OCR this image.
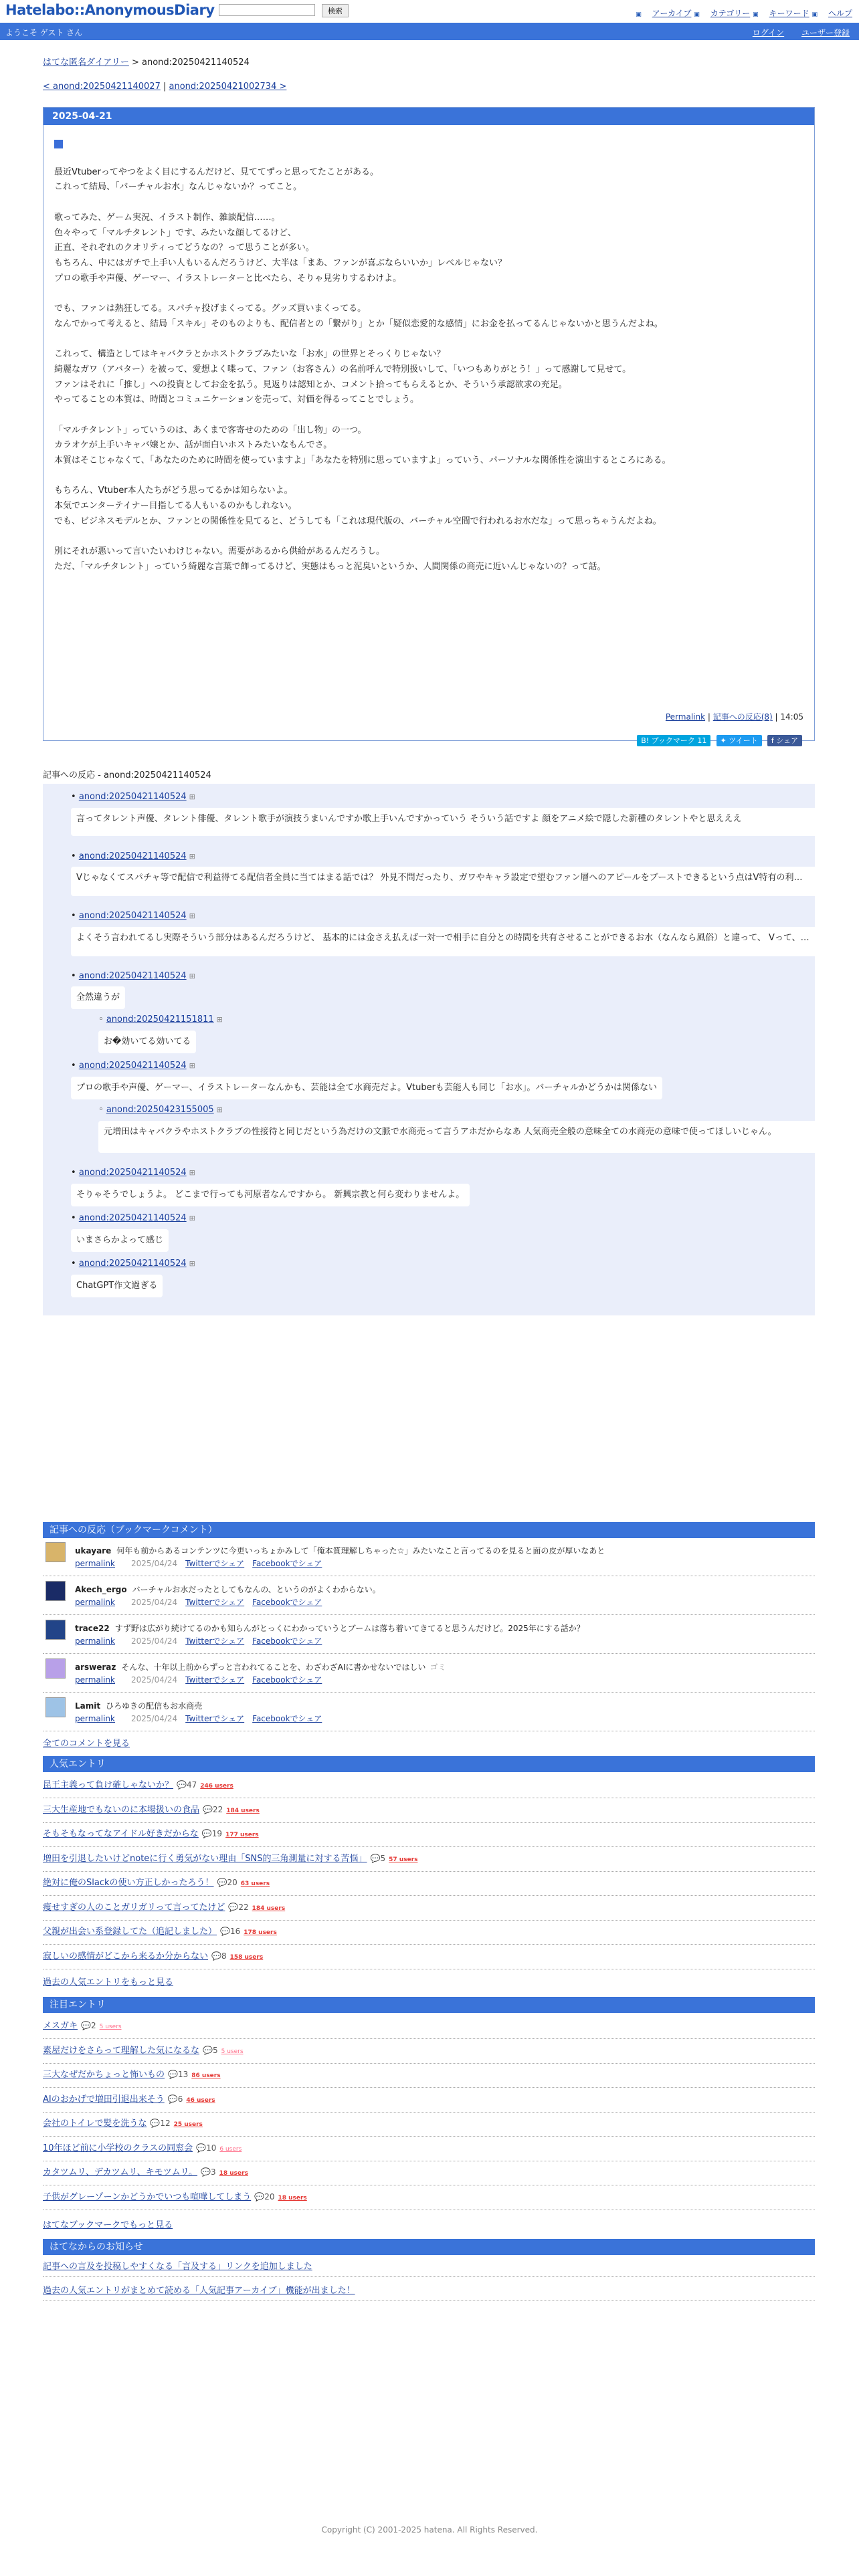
Hatelabo::AnonymousDiary	検索	▣ アーカイブ ▣ カテゴリー ▣ キーワード ▣ ヘルプ
ようこそ ゲスト さん	ログイン ユーザー登録
はてな匿名ダイアリー > anond:20250421140524
< anond:20250421140027 | anond:20250421002734 >
2025-04-21

最近Vtuberってやつをよく目にするんだけど、見ててずっと思ってたことがある。
これって結局、「バーチャルお水」なんじゃないか？ってこと。

歌ってみた、ゲーム実況、イラスト制作、雑談配信……。
色々やって「マルチタレント」です、みたいな顔してるけど、
正直、それぞれのクオリティってどうなの？って思うことが多い。
もちろん、中にはガチで上手い人もいるんだろうけど、大半は「まあ、ファンが喜ぶならいいか」レベルじゃない？
プロの歌手や声優、ゲーマー、イラストレーターと比べたら、そりゃ見劣りするわけよ。

でも、ファンは熱狂してる。スパチャ投げまくってる。グッズ買いまくってる。
なんでかって考えると、結局「スキル」そのものよりも、配信者との「繋がり」とか「疑似恋愛的な感情」にお金を払ってるんじゃないかと思うんだよね。

これって、構造としてはキャバクラとかホストクラブみたいな「お水」の世界とそっくりじゃない？
綺麗なガワ（アバター）を被って、愛想よく喋って、ファン（お客さん）の名前呼んで特別扱いして、「いつもありがとう！」って感謝して見せて。
ファンはそれに「推し」への投資としてお金を払う。見返りは認知とか、コメント拾ってもらえるとか、そういう承認欲求の充足。
やってることの本質は、時間とコミュニケーションを売って、対価を得るってことでしょう。

「マルチタレント」っていうのは、あくまで客寄せのための「出し物」の一つ。
カラオケが上手いキャバ嬢とか、話が面白いホストみたいなもんでさ。
本質はそこじゃなくて、「あなたのために時間を使っていますよ」「あなたを特別に思っていますよ」っていう、パーソナルな関係性を演出するところにある。

もちろん、Vtuber本人たちがどう思ってるかは知らないよ。
本気でエンターテイナー目指してる人もいるのかもしれない。
でも、ビジネスモデルとか、ファンとの関係性を見てると、どうしても「これは現代版の、バーチャル空間で行われるお水だな」って思っちゃうんだよね。

別にそれが悪いって言いたいわけじゃない。需要があるから供給があるんだろうし。
ただ、「マルチタレント」っていう綺麗な言葉で飾ってるけど、実態はもっと泥臭いというか、人間関係の商売に近いんじゃないの？って話。

Permalink | 記事への反応(8) | 14:05
B! ブックマーク 11 ✦ ツイート f シェア
記事への反応 - anond:20250421140524
• anond:20250421140524 ⊞
言ってタレント声優、タレント俳優、タレント歌手が演技うまいんですか歌上手いんですかっていう そういう話ですよ 顔をアニメ絵で隠した新種のタレントやと思えええ
• anond:20250421140524 ⊞
Vじゃなくてスパチャ等で配信で利益得てる配信者全員に当てはまる話では？ 外見不問だったり、ガワやキャラ設定で望むファン層へのアピールをブーストできるという点はV特有の利…
• anond:20250421140524 ⊞
よくそう言われてるし実際そういう部分はあるんだろうけど、 基本的には金さえ払えば一対一で相手に自分との時間を共有させることができるお水（なんなら風俗）と違って、 Vって、…
• anond:20250421140524 ⊞
全然違うが
◦ anond:20250421151811 ⊞
お�効いてる効いてる
• anond:20250421140524 ⊞
プロの歌手や声優、ゲーマー、イラストレーターなんかも、芸能は全て水商売だよ。Vtuberも芸能人も同じ「お水」。バーチャルかどうかは関係ない
◦ anond:20250423155005 ⊞
元増田はキャバクラやホストクラブの性接待と同じだという為だけの文脈で水商売って言うアホだからなあ 人気商売全般の意味全ての水商売の意味で使ってほしいじゃん。
• anond:20250421140524 ⊞
そりゃそうでしょうよ。 どこまで行っても河原者なんですから。 新興宗教と何ら変わりませんよ。
• anond:20250421140524 ⊞
いまさらかよって感じ
• anond:20250421140524 ⊞
ChatGPT作文過ぎる
記事への反応（ブックマークコメント）
ukayare 何年も前からあるコンテンツに今更いっちょかみして「俺本質理解しちゃった☆」みたいなこと言ってるのを見ると面の皮が厚いなあと
permalink 2025/04/24 Twitterでシェア Facebookでシェア
Akech_ergo バーチャルお水だったとしてもなんの、というのがよくわからない。
permalink 2025/04/24 Twitterでシェア Facebookでシェア
trace22 すず野は広がり続けてるのかも知らんがとっくにわかっていうとブームは落ち着いてきてると思うんだけど。2025年にする話か？
permalink 2025/04/24 Twitterでシェア Facebookでシェア
arsweraz そんな、十年以上前からずっと言われてることを、わざわざAIに書かせないではしい ゴミ
permalink 2025/04/24 Twitterでシェア Facebookでシェア
Lamit ひろゆきの配信もお水商売
permalink 2025/04/24 Twitterでシェア Facebookでシェア
全てのコメントを見る
人気エントリ
昆王主義って負け確しゃないか？ 💬47 246 users
三大生産地でもないのに本場扱いの食品 💬22 184 users
そもそもなってなアイドル好きだからな 💬19 177 users
増田を引退したいけどnoteに行く勇気がない理由「SNS的三角測量に対する苦悩」 💬5 57 users
絶対に俺のSlackの使い方正しかったろう！ 💬20 63 users
痩せすぎの人のことガリガリって言ってたけど 💬22 184 users
父親が出会い系登録してた（追記しました） 💬16 178 users
寂しいの感情がどこから来るか分からない 💬8 158 users
過去の人気エントリをもっと見る
注目エントリ
メスガキ 💬2 5 users
素屋だけをさらって理解した気になるな 💬5 5 users
三大なぜだかちょっと怖いもの 💬13 86 users
AIのおかげで増田引退出来そう 💬6 46 users
会社のトイレで髪を洗うな 💬12 25 users
10年ほど前に小学校のクラスの同窓会 💬10 6 users
カタツムリ、デカツムリ、キモツムリ。 💬3 18 users
子供がグレーゾーンかどうかでいつも喧嘩してしまう 💬20 18 users
はてなブックマークでもっと見る
はてなからのお知らせ
記事への言及を投稿しやすくなる「言及する」リンクを追加しました
過去の人気エントリがまとめて読める「人気記事アーカイブ」機能が出ました！
Copyright (C) 2001-2025 hatena. All Rights Reserved.
